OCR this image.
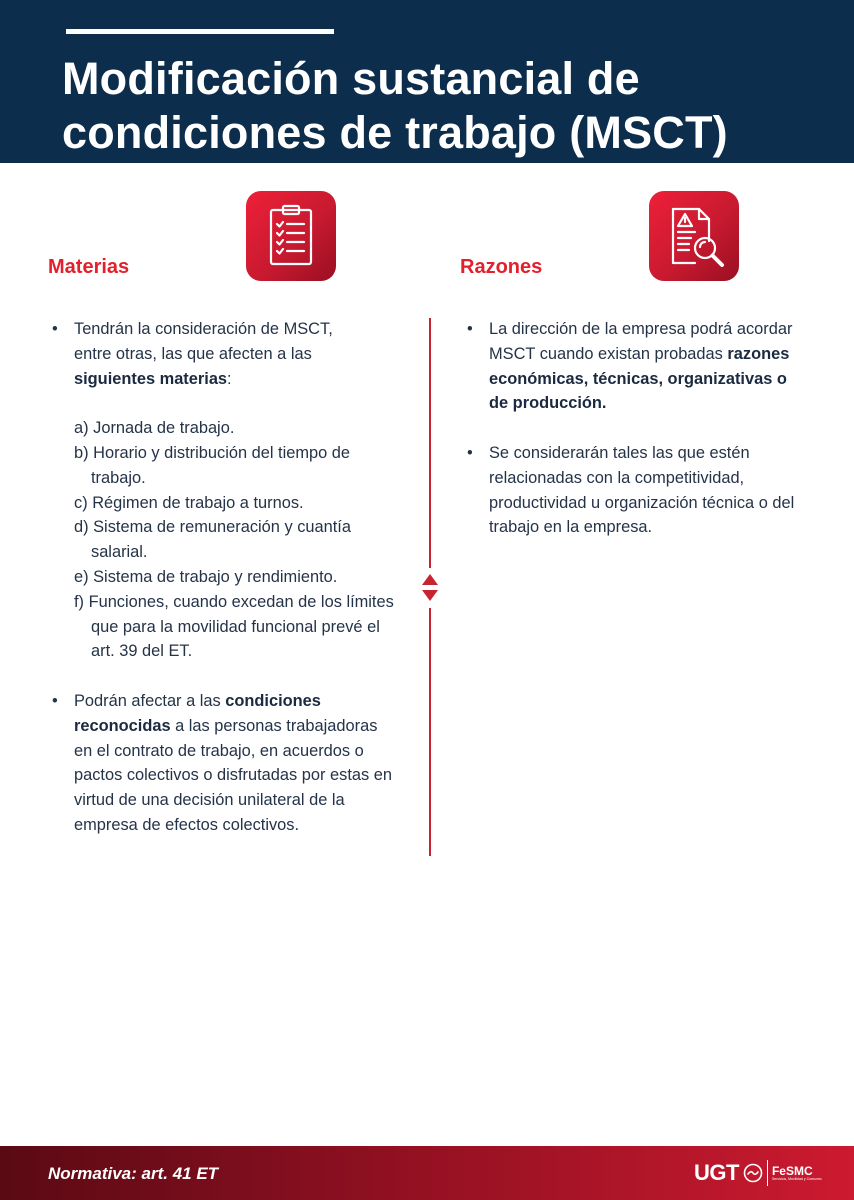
Modificación sustancial de
condiciones de trabajo (MSCT)
Materias	Razones
• Tendrán la consideración de MSCT,
entre otras, las que afecten a las
siguientes materias:
a) Jornada de trabajo.
b) Horario y distribución del tiempo de trabajo.
c) Régimen de trabajo a turnos.
d) Sistema de remuneración y cuantía salarial.
e) Sistema de trabajo y rendimiento.
f) Funciones, cuando excedan de los límites que para la movilidad funcional prevé el art. 39 del ET.
• Podrán afectar a las condiciones reconocidas a las personas trabajadoras en el contrato de trabajo, en acuerdos o pactos colectivos o disfrutadas por estas en virtud de una decisión unilateral de la empresa de efectos colectivos.
• La dirección de la empresa podrá acordar MSCT cuando existan probadas razones económicas, técnicas, organizativas o de producción.
• Se considerarán tales las que estén relacionadas con la competitividad, productividad u organización técnica o del trabajo en la empresa.
Normativa: art. 41 ET	UGT	FeSMC
Servicios, Movilidad y Consumo
